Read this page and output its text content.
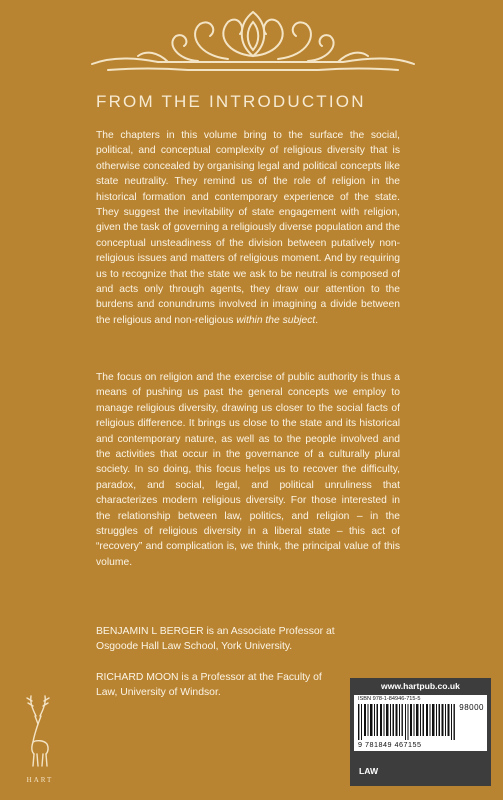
FROM THE INTRODUCTION

The chapters in this volume bring to the surface the social, political, and conceptual complexity of religious diversity that is otherwise concealed by organising legal and political concepts like state neutrality. They remind us of the role of religion in the historical formation and contemporary experience of the state. They suggest the inevitability of state engagement with religion, given the task of governing a religiously diverse population and the conceptual unsteadiness of the division between putatively non-religious issues and matters of religious moment. And by requiring us to recognize that the state we ask to be neutral is composed of and acts only through agents, they draw our attention to the burdens and conundrums involved in imagining a divide between the religious and non-religious within the subject.

The focus on religion and the exercise of public authority is thus a means of pushing us past the general concepts we employ to manage religious diversity, drawing us closer to the social facts of religious difference. It brings us close to the state and its historical and contemporary nature, as well as to the people involved and the activities that occur in the governance of a culturally plural society. In so doing, this focus helps us to recover the difficulty, paradox, and social, legal, and political unruliness that characterizes modern religious diversity. For those interested in the relationship between law, politics, and religion – in the struggles of religious diversity in a liberal state – this act of “recovery” and complication is, we think, the principal value of this volume.

BENJAMIN L BERGER is an Associate Professor at Osgoode Hall Law School, York University.

RICHARD MOON is a Professor at the Faculty of Law, University of Windsor.

HART
www.hartpub.co.uk
ISBN 978-1-84946-715-5
98000
9 781849 467155
LAW
